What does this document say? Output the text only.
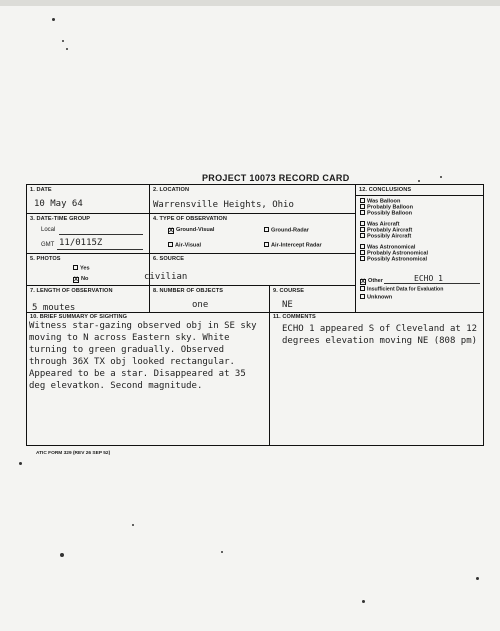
PROJECT 10073 RECORD CARD
1. DATE
10 May 64
2. LOCATION
Warrensville Heights, Ohio
3. DATE-TIME GROUP
Local
GMT 11/0115Z
4. TYPE OF OBSERVATION
X Ground-Visual	Ground-Radar
Air-Visual	Air-Intercept Radar
5. PHOTOS
Yes
X No
6. SOURCE
civilian
7. LENGTH OF OBSERVATION
5 moutes
8. NUMBER OF OBJECTS
one
9. COURSE
NE
10. BRIEF SUMMARY OF SIGHTING
Witness star-gazing observed obj in SE sky moving to N across Eastern sky. White turning to green gradually. Observed through 36X TX obj looked rectangular. Appeared to be a star. Disappeared at 35 deg elevatkon. Second magnitude.
11. COMMENTS
ECHO 1 appeared S of Cleveland at 12 degrees elevation moving NE (808 pm)
12. CONCLUSIONS
Was Balloon
Probably Balloon
Possibly Balloon
Was Aircraft
Probably Aircraft
Possibly Aircraft
Was Astronomical
Probably Astronomical
Possibly Astronomical
X Other	ECHO 1
Insufficient Data for Evaluation
Unknown
ATIC FORM 329 (REV 26 SEP 52)
